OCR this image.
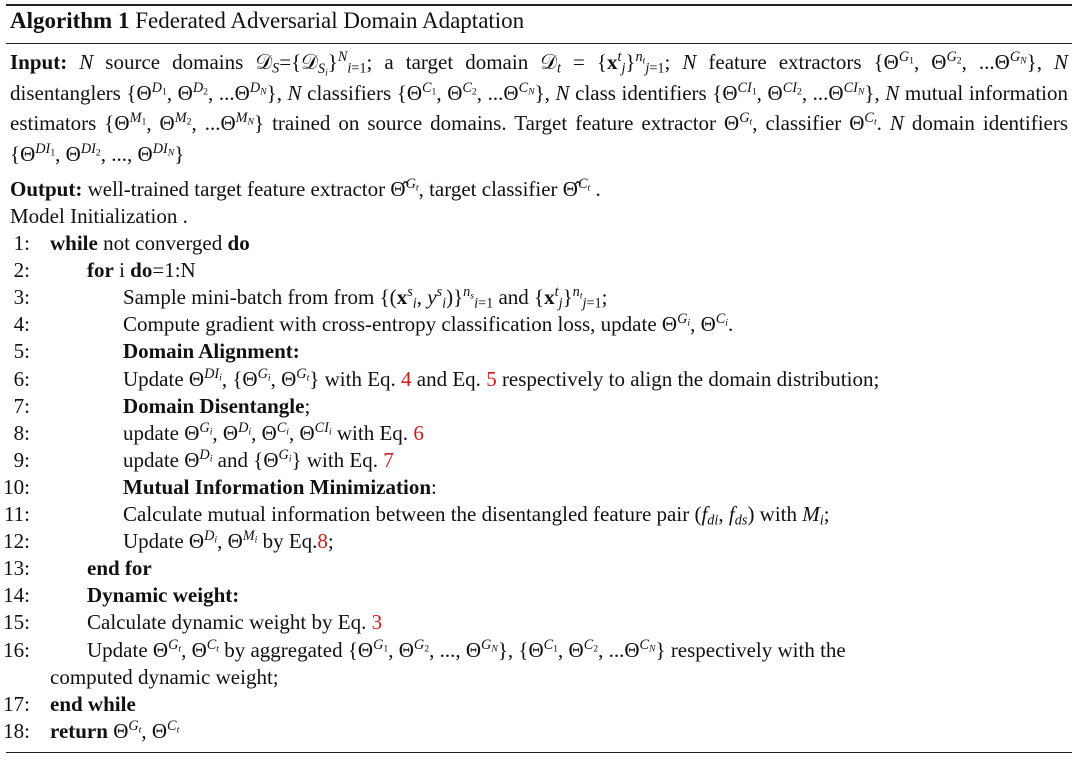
Algorithm 1 Federated Adversarial Domain Adaptation
Input: N source domains 𝒟$_S$={𝒟$_{S_i}$}$^N_{i=1}$; a target domain 𝒟$_t$ = $\{x^t_j\}^{n_t}_{j=1}$; N feature extractors {$\Theta^{G_1}$, $\Theta^{G_2}$, $...\Theta^{G_N}$}, N disentanglers {$\Theta^{D_1}$, $\Theta^{D_2}$, $...\Theta^{D_N}$}, N classifiers {$\Theta^{C_1}$, $\Theta^{C_2}$, $...\Theta^{C_N}$}, N class identifiers {$\Theta^{CI_1}$, $\Theta^{CI_2}$, $...\Theta^{CI_N}$}, N mutual information estimators {$\Theta^{M_1}$, $\Theta^{M_2}$, $...\Theta^{M_N}$} trained on source domains. Target feature extractor $\Theta^{G_t}$, classifier $\Theta^{C_t}$. N domain identifiers {$\Theta^{DI_1}$, $\Theta^{DI_2}$, ..., $\Theta^{DI_N}$}
Output: well-trained target feature extractor Θ̂$^{G_t}$, target classifier Θ̂$^{C_t}$ .
Model Initialization .
1: while not converged do
2:	for i do=1:N
3:	Sample mini-batch from from {($x^s_i$, $y^s_i)\}^{n_s}_{i=1}$ and $\{x^t_j\}^{n_t}_{j=1}$;
4:	Compute gradient with cross-entropy classification loss, update $\Theta^{G_i}$, $\Theta^{C_i}$.
5:	Domain Alignment:
6:	Update $\Theta^{DI_i}$, {$\Theta^{G_i}$, $\Theta^{G_t}$} with Eq. 4 and Eq. 5 respectively to align the domain distribution;
7:	Domain Disentangle;
8:	update $\Theta^{G_i}$, $\Theta^{D_i}$, $\Theta^{C_i}$, $\Theta^{CI_i}$ with Eq. 6
9:	update $\Theta^{D_i}$ and $\{\Theta^{G_i}\}$ with Eq. 7
10:	Mutual Information Minimization:
11:	Calculate mutual information between the disentangled feature pair ($f_{di}$, $f_{ds}$) with $M_i$;
12:	Update $\Theta^{D_i}$, $\Theta^{M_i}$ by Eq.8;
13:	end for
14:	Dynamic weight:
15:	Calculate dynamic weight by Eq. 3
16:	Update $\Theta^{G_t}$, $\Theta^{C_t}$ by aggregated {$\Theta^{G_1}$, $\Theta^{G_2}$, ..., $\Theta^{G_N}$}, {$\Theta^{C_1}$, $\Theta^{C_2}$, $...\Theta^{C_N}$} respectively with the
computed dynamic weight;
17: end while
18: return $\Theta^{G_t}$, $\Theta^{C_t}$
